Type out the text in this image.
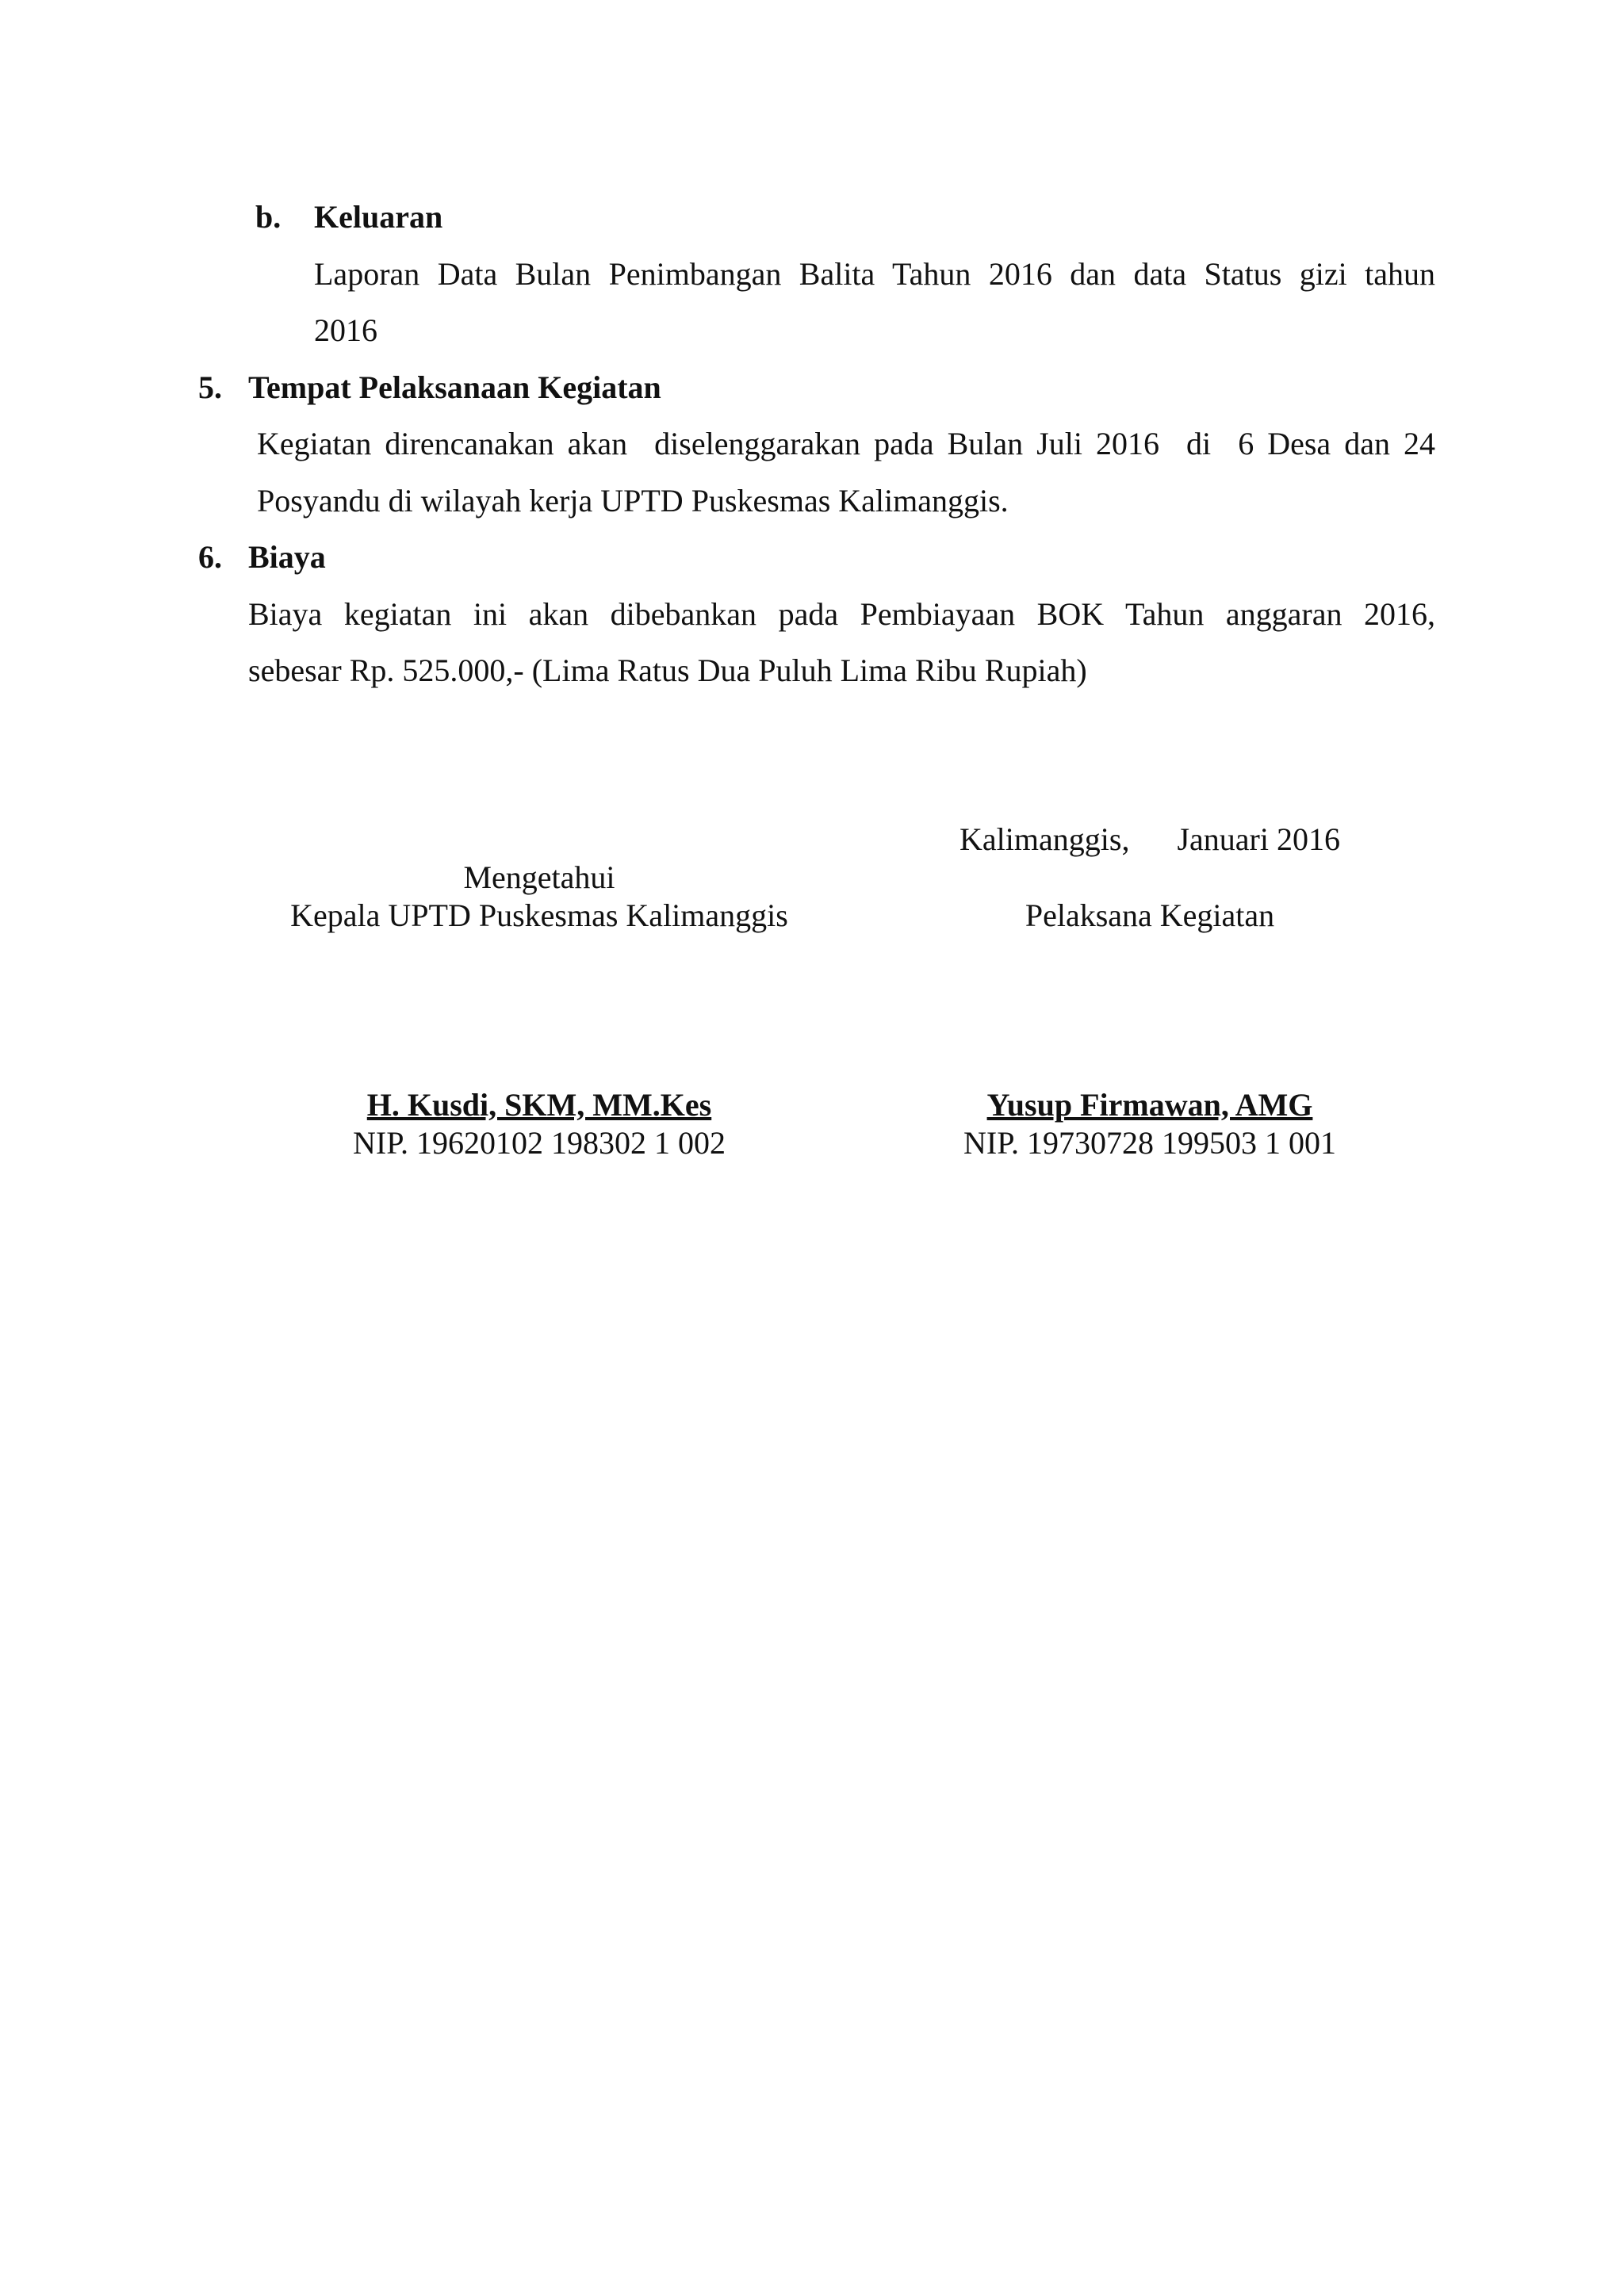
b. Keluaran
Laporan Data Bulan Penimbangan Balita Tahun 2016 dan data Status gizi tahun
2016
5. Tempat Pelaksanaan Kegiatan
Kegiatan direncanakan akan  diselenggarakan pada Bulan Juli 2016  di  6 Desa dan 24
Posyandu di wilayah kerja UPTD Puskesmas Kalimanggis.
6. Biaya
Biaya kegiatan ini akan dibebankan pada Pembiayaan BOK Tahun anggaran 2016,
sebesar Rp. 525.000,- (Lima Ratus Dua Puluh Lima Ribu Rupiah)
Kalimanggis,      Januari 2016
Mengetahui
Kepala UPTD Puskesmas Kalimanggis	Pelaksana Kegiatan
H. Kusdi, SKM, MM.Kes
NIP. 19620102 198302 1 002
Yusup Firmawan, AMG
NIP. 19730728 199503 1 001
